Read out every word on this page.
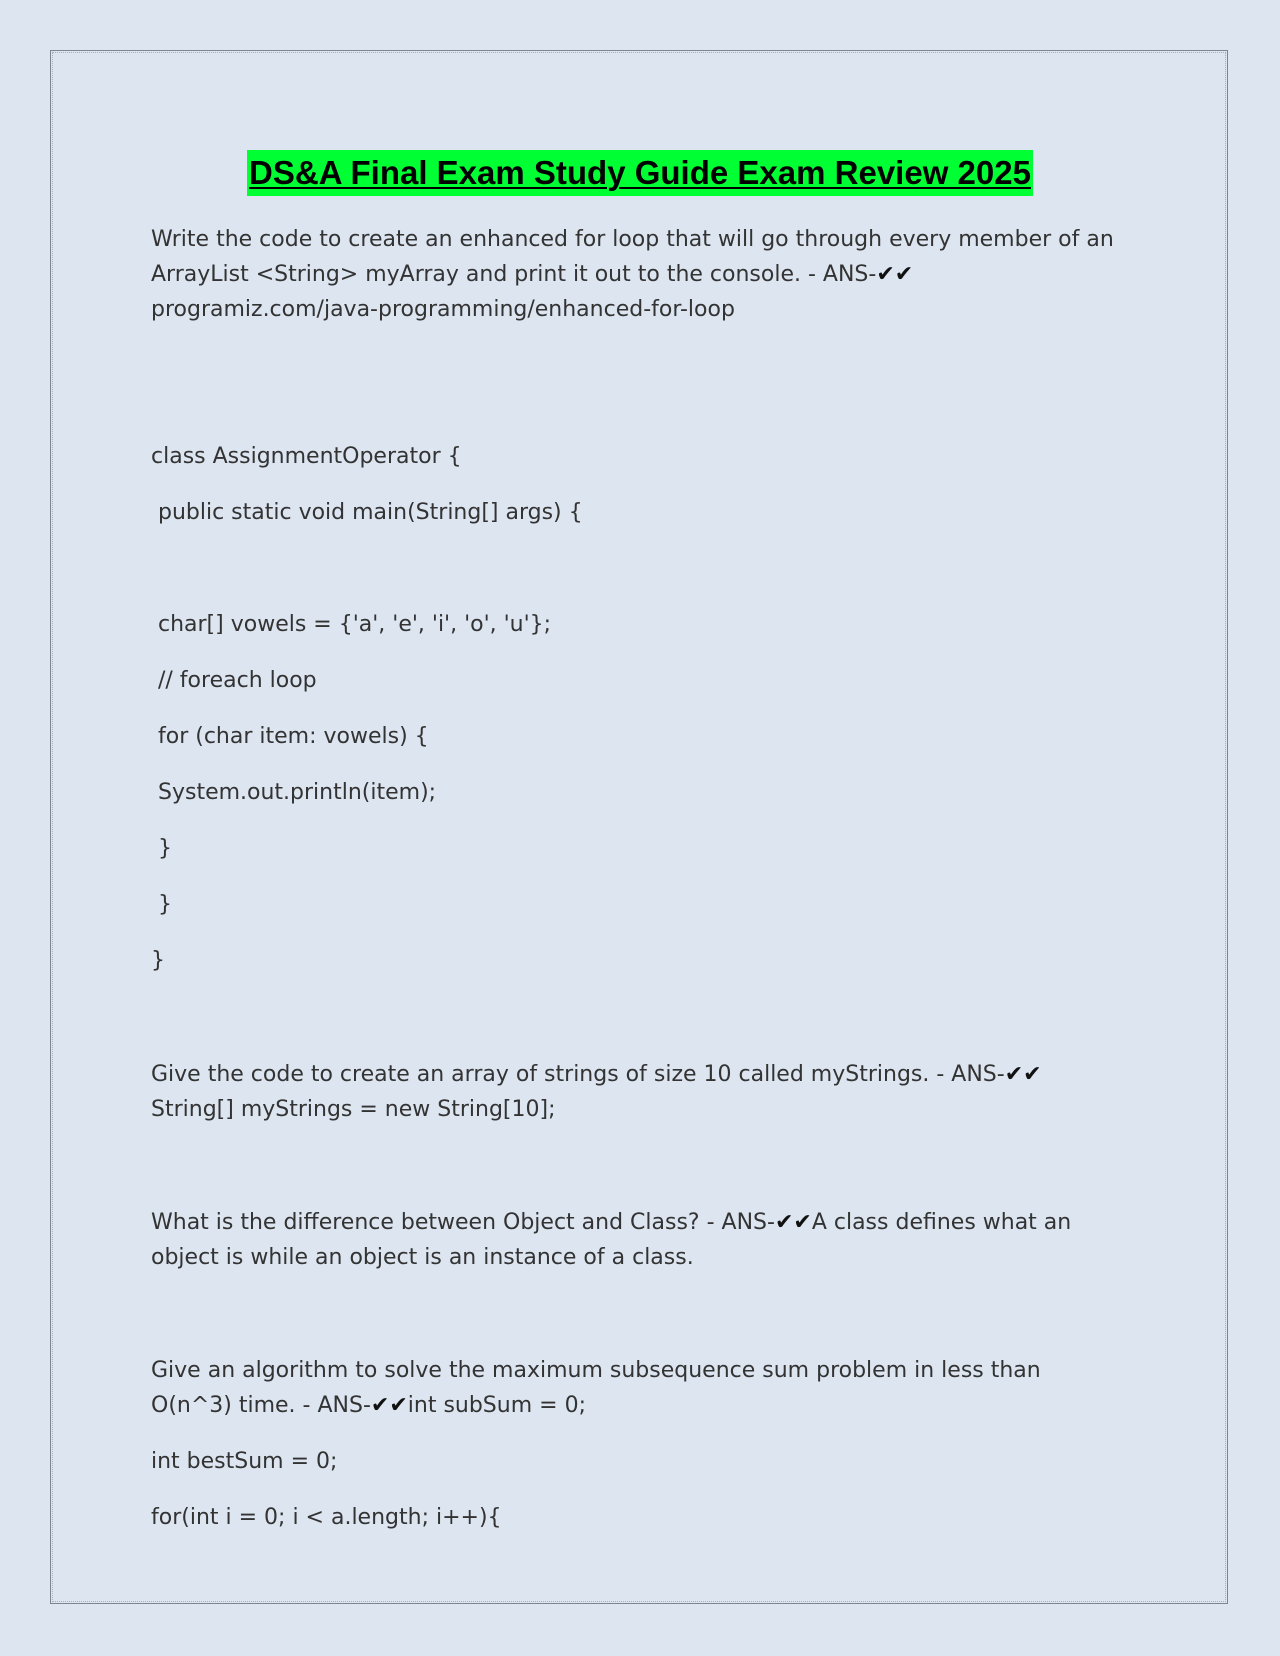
DS&A Final Exam Study Guide Exam Review 2025
Write the code to create an enhanced for loop that will go through every member of an
ArrayList <String> myArray and print it out to the console. - ANS-✔✔
programiz.com/java-programming/enhanced-for-loop
class AssignmentOperator {
public static void main(String[] args) {
char[] vowels = {'a', 'e', 'i', 'o', 'u'};
// foreach loop
for (char item: vowels) {
System.out.println(item);
}
}
}
Give the code to create an array of strings of size 10 called myStrings. - ANS-✔✔
String[] myStrings = new String[10];
What is the difference between Object and Class? - ANS-✔✔A class defines what an
object is while an object is an instance of a class.
Give an algorithm to solve the maximum subsequence sum problem in less than
O(n^3) time. - ANS-✔✔int subSum = 0;
int bestSum = 0;
for(int i = 0; i < a.length; i++){
